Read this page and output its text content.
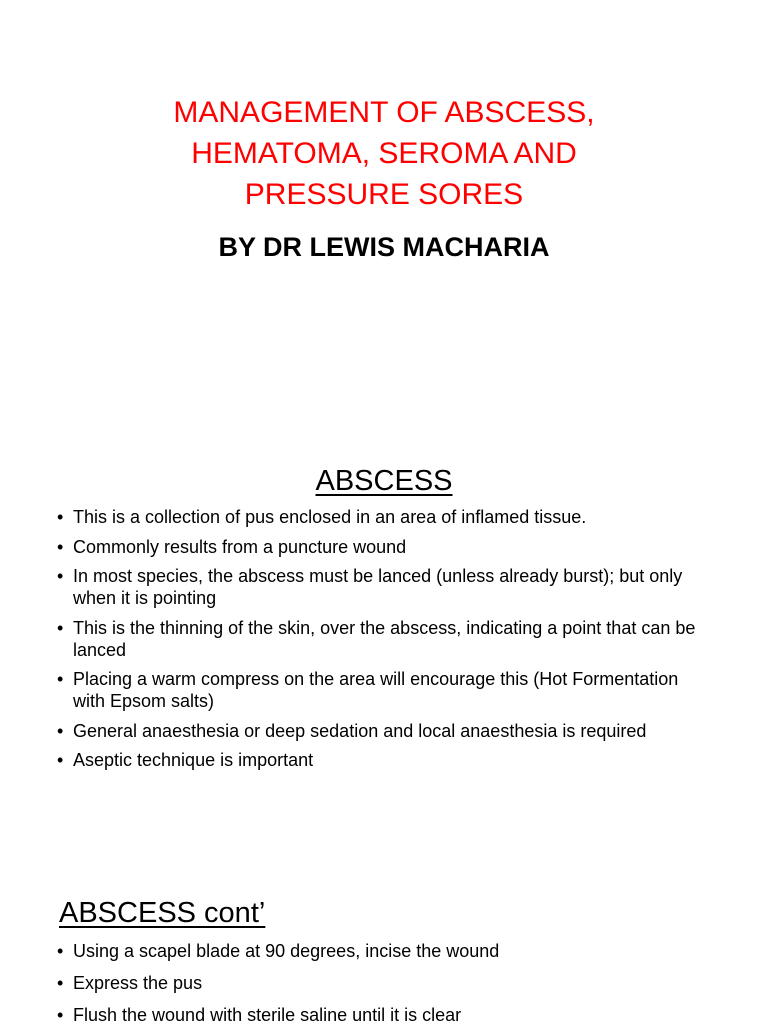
MANAGEMENT OF ABSCESS,
HEMATOMA, SEROMA AND
PRESSURE SORES
BY DR LEWIS MACHARIA
ABSCESS
• This is a collection of pus enclosed in an area of inflamed tissue.
• Commonly results from a puncture wound
• In most species, the abscess must be lanced (unless already burst); but only when it is pointing
• This is the thinning of the skin, over the abscess, indicating a point that can be lanced
• Placing a warm compress on the area will encourage this (Hot Formentation with Epsom salts)
• General anaesthesia or deep sedation and local anaesthesia is required
• Aseptic technique is important
ABSCESS cont’
• Using a scapel blade at 90 degrees, incise the wound
• Express the pus
• Flush the wound with sterile saline until it is clear
